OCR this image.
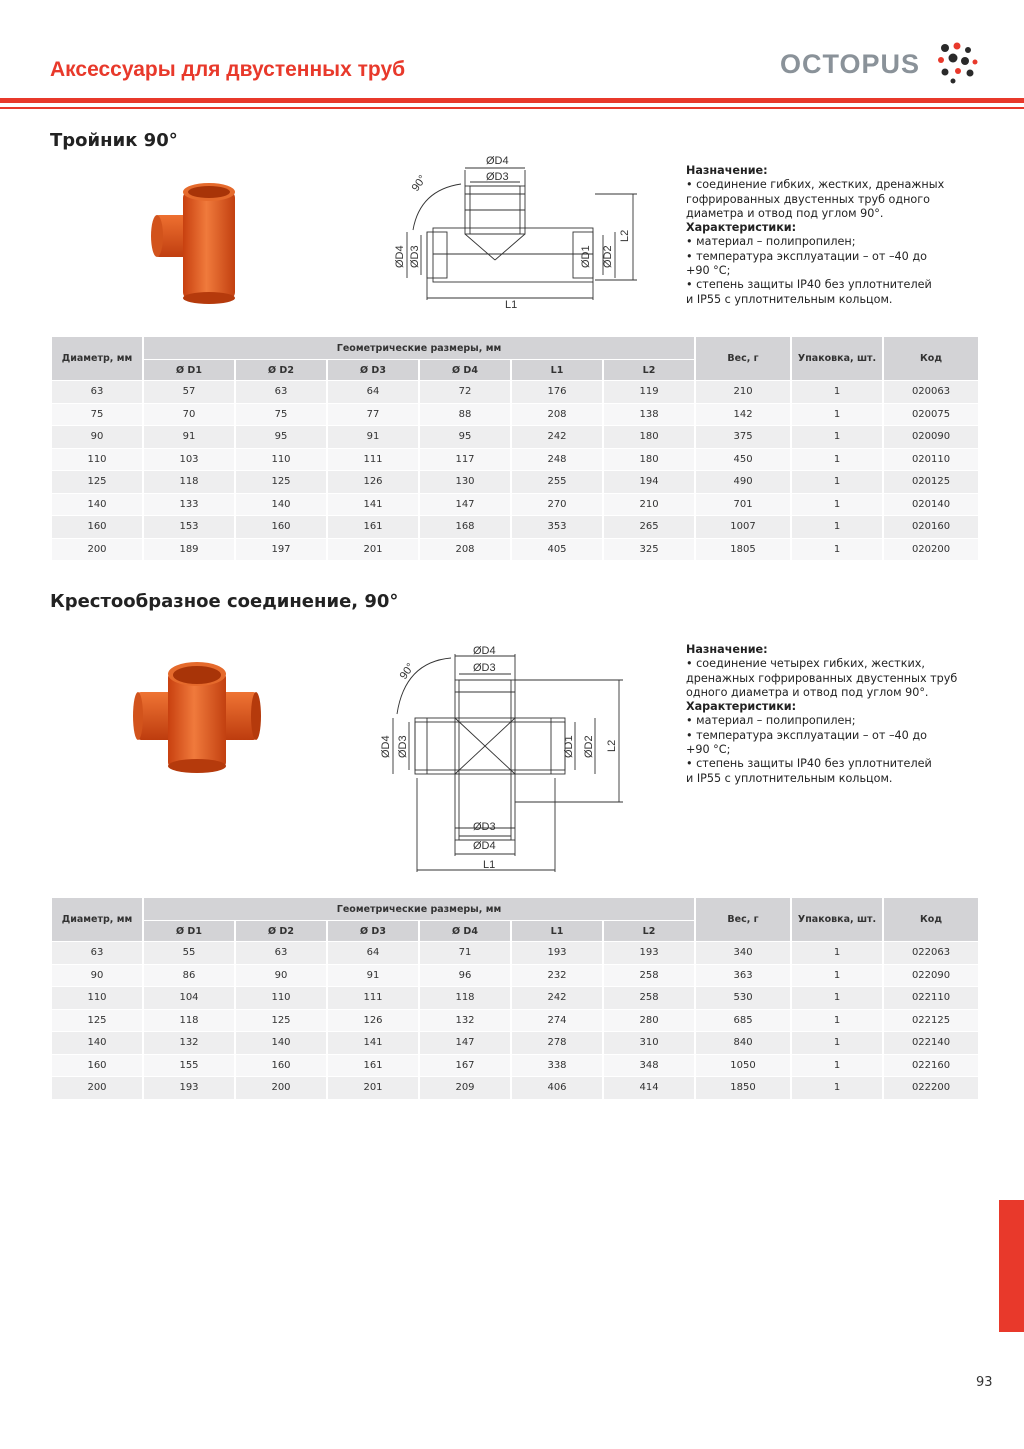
Аксессуары для двустенных труб	OCTOPUS
Тройник 90°
ØD4
ØD3
L1
L2
ØD4 ØD3	ØD1 ØD2
90°
Назначение:
• соединение гибких, жестких, дренажных
гофрированных двустенных труб одного
диаметра и отвод под углом 90°.
Характеристики:
• материал – полипропилен;
• температура эксплуатации – от –40 до
+90 °С;
• степень защиты IP40 без уплотнителей
и IP55 с уплотнительным кольцом.
Диаметр, мм	Геометрические размеры, мм						Вес, г	Упаковка, шт.	Код
	Ø D1	Ø D2	Ø D3	Ø D4	L1	L2			
63	57	63	64	72	176	119	210	1	020063
75	70	75	77	88	208	138	142	1	020075
90	91	95	91	95	242	180	375	1	020090
110	103	110	111	117	248	180	450	1	020110
125	118	125	126	130	255	194	490	1	020125
140	133	140	141	147	270	210	701	1	020140
160	153	160	161	168	353	265	1007	1	020160
200	189	197	201	208	405	325	1805	1	020200
Крестообразное соединение, 90°
ØD4
ØD3
ØD3
ØD4
L1
L2
ØD4 ØD3	ØD1 ØD2
90°
Назначение:
• соединение четырех гибких, жестких,
дренажных гофрированных двустенных труб
одного диаметра и отвод под углом 90°.
Характеристики:
• материал – полипропилен;
• температура эксплуатации – от –40 до
+90 °С;
• степень защиты IP40 без уплотнителей
и IP55 с уплотнительным кольцом.
Диаметр, мм	Геометрические размеры, мм						Вес, г	Упаковка, шт.	Код
	Ø D1	Ø D2	Ø D3	Ø D4	L1	L2			
63	55	63	64	71	193	193	340	1	022063
90	86	90	91	96	232	258	363	1	022090
110	104	110	111	118	242	258	530	1	022110
125	118	125	126	132	274	280	685	1	022125
140	132	140	141	147	278	310	840	1	022140
160	155	160	161	167	338	348	1050	1	022160
200	193	200	201	209	406	414	1850	1	022200
93
